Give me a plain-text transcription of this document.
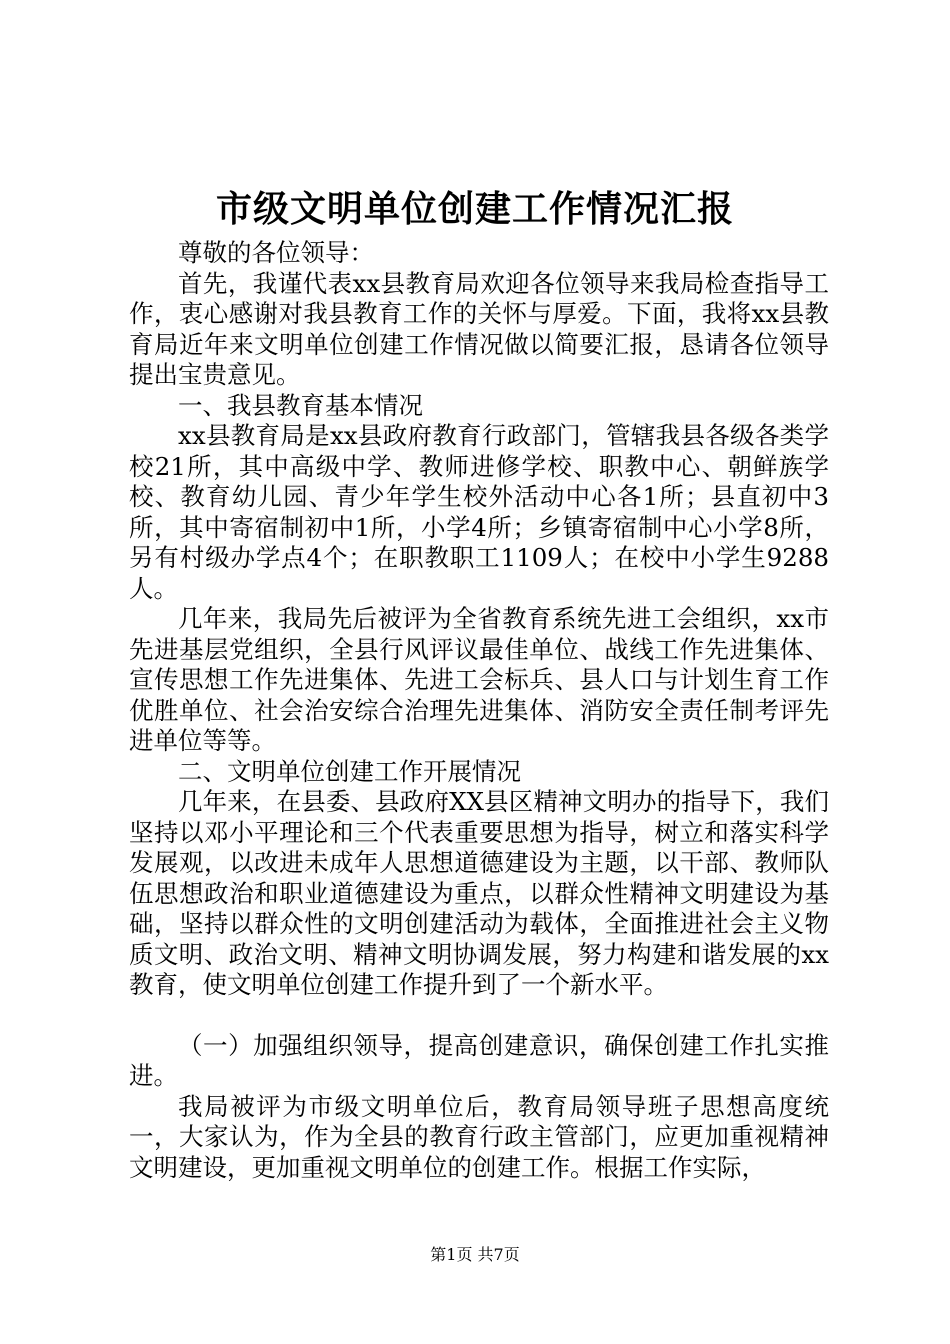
市级文明单位创建工作情况汇报

尊敬的各位领导：

首先，我谨代表xx县教育局欢迎各位领导来我局检查指导工作，衷心感谢对我县教育工作的关怀与厚爱。下面，我将xx县教育局近年来文明单位创建工作情况做以简要汇报，恳请各位领导提出宝贵意见。

一、我县教育基本情况

xx县教育局是xx县政府教育行政部门，管辖我县各级各类学校21所，其中高级中学、教师进修学校、职教中心、朝鲜族学校、教育幼儿园、青少年学生校外活动中心各1所；县直初中3所，其中寄宿制初中1所，小学4所；乡镇寄宿制中心小学8所，另有村级办学点4个；在职教职工1109人；在校中小学生9288人。

几年来，我局先后被评为全省教育系统先进工会组织，xx市先进基层党组织，全县行风评议最佳单位、战线工作先进集体、宣传思想工作先进集体、先进工会标兵、县人口与计划生育工作优胜单位、社会治安综合治理先进集体、消防安全责任制考评先进单位等等。

二、文明单位创建工作开展情况

几年来，在县委、县政府XX县区精神文明办的指导下，我们坚持以邓小平理论和三个代表重要思想为指导，树立和落实科学发展观，以改进未成年人思想道德建设为主题，以干部、教师队伍思想政治和职业道德建设为重点，以群众性精神文明建设为基础，坚持以群众性的文明创建活动为载体，全面推进社会主义物质文明、政治文明、精神文明协调发展，努力构建和谐发展的xx教育，使文明单位创建工作提升到了一个新水平。

（一）加强组织领导，提高创建意识，确保创建工作扎实推进。

我局被评为市级文明单位后，教育局领导班子思想高度统一，大家认为，作为全县的教育行政主管部门，应更加重视精神文明建设，更加重视文明单位的创建工作。根据工作实际，

第1页 共7页
